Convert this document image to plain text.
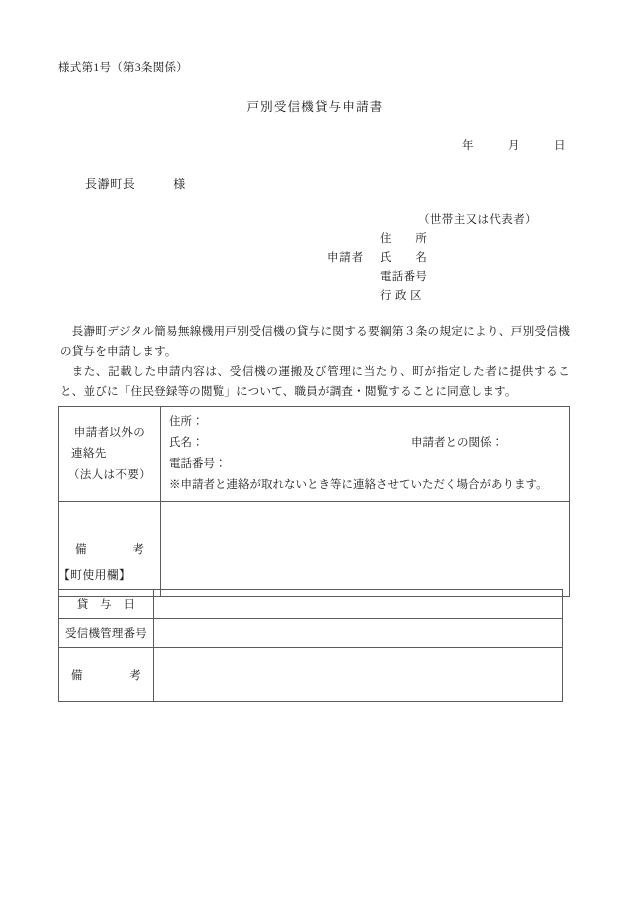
様式第1号（第3条関係）
戸別受信機貸与申請書
年　　　月　　　日
長瀞町長　　　様
（世帯主又は代表者）
申請者
住　　所
氏　　名
電話番号
行 政 区
長瀞町デジタル簡易無線機用戸別受信機の貸与に関する要綱第３条の規定により、戸別受信機の貸与を申請します。
また、記載した申請内容は、受信機の運搬及び管理に当たり、町が指定した者に提供すること、並びに「住民登録等の閲覧」について、職員が調査・閲覧することに同意します。
申請者以外の
連絡先
（法人は不要）	住所：
氏名： 申請者との関係：
電話番号：
※申請者と連絡が取れないとき等に連絡させていただく場合があります。

備　　　　考	
【町使用欄】
貸　与　日	
受信機管理番号	
備　　　　考	
